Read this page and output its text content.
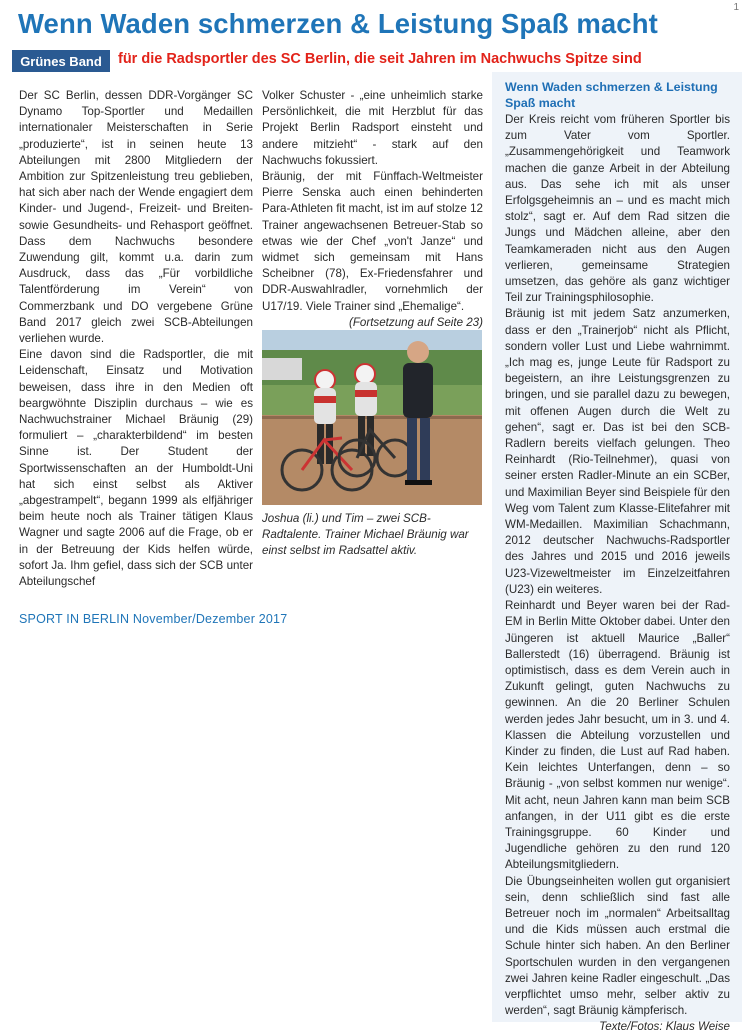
1
Wenn Waden schmerzen & Leistung Spaß macht
Grünes Band	für die Radsportler des SC Berlin, die seit Jahren im Nachwuchs Spitze sind

Der SC Berlin, dessen DDR-Vorgänger SC Dynamo Top-Sportler und Medaillen internationaler Meisterschaften in Serie „produzierte“, ist in seinen heute 13 Abteilungen mit 2800 Mitgliedern der Ambition zur Spitzenleistung treu geblieben, hat sich aber nach der Wende engagiert dem Kinder- und Jugend-, Freizeit- und Breiten- sowie Gesundheits- und Rehasport geöffnet. Dass dem Nachwuchs besondere Zuwendung gilt, kommt u.a. darin zum Ausdruck, dass das „Für vorbildliche Talentförderung im Verein“ von Commerzbank und DO vergebene Grüne Band 2017 gleich zwei SCB-Abteilungen verliehen wurde.

Eine davon sind die Radsportler, die mit Leidenschaft, Einsatz und Motivation beweisen, dass ihre in den Medien oft beargwöhnte Disziplin durchaus – wie es Nachwuchstrainer Michael Bräunig (29) formuliert – „charakterbildend“ im besten Sinne ist. Der Student der Sportwissenschaften an der Humboldt-Uni hat sich einst selbst als Aktiver „abgestrampelt“, begann 1999 als elfjähriger beim heute noch als Trainer tätigen Klaus Wagner und sagte 2006 auf die Frage, ob er in der Betreuung der Kids helfen würde, sofort Ja. Ihm gefiel, dass sich der SCB unter Abteilungschef

Volker Schuster - „eine unheimlich starke Persönlichkeit, die mit Herzblut für das Projekt Berlin Radsport einsteht und andere mitzieht“ - stark auf den Nachwuchs fokussiert.

Bräunig, der mit Fünffach-Weltmeister Pierre Senska auch einen behinderten Para-Athleten fit macht, ist im auf stolze 12 Trainer angewachsenen Betreuer-Stab so etwas wie der Chef „von't Janze“ und widmet sich gemeinsam mit Hans Scheibner (78), Ex-Friedensfahrer und DDR-Auswahlradler, vornehmlich der U17/19. Viele Trainer sind „Ehemalige“.

(Fortsetzung auf Seite 23)

Joshua (li.) und Tim – zwei SCB-Radtalente. Trainer Michael Bräunig war einst selbst im Radsattel aktiv.
SPORT IN BERLIN November/Dezember 2017
Wenn Waden schmerzen & Leistung Spaß macht

Der Kreis reicht vom früheren Sportler bis zum Vater vom Sportler. „Zusammengehörigkeit und Teamwork machen die ganze Arbeit in der Abteilung aus. Das sehe ich mit als unser Erfolgsgeheimnis an – und es macht mich stolz“, sagt er. Auf dem Rad sitzen die Jungs und Mädchen alleine, aber den Teamkameraden nicht aus den Augen verlieren, gemeinsame Strategien umsetzen, das gehöre als ganz wichtiger Teil zur Trainingsphilosophie.

Bräunig ist mit jedem Satz anzumerken, dass er den „Trainerjob“ nicht als Pflicht, sondern voller Lust und Liebe wahrnimmt. „Ich mag es, junge Leute für Radsport zu begeistern, an ihre Leistungsgrenzen zu bringen, und sie parallel dazu zu bewegen, mit offenen Augen durch die Welt zu gehen“, sagt er. Das ist bei den SCB-Radlern bereits vielfach gelungen. Theo Reinhardt (Rio-Teilnehmer), quasi von seiner ersten Radler-Minute an ein SCBer, und Maximilian Beyer sind Beispiele für den Weg vom Talent zum Klasse-Elitefahrer mit WM-Medaillen. Maximilian Schachmann, 2012 deutscher Nachwuchs-Radsportler des Jahres und 2015 und 2016 jeweils U23-Vizeweltmeister im Einzelzeitfahren (U23) ein weiteres.

Reinhardt und Beyer waren bei der Rad-EM in Berlin Mitte Oktober dabei. Unter den Jüngeren ist aktuell Maurice „Baller“ Ballerstedt (16) überragend. Bräunig ist optimistisch, dass es dem Verein auch in Zukunft gelingt, guten Nachwuchs zu gewinnen. An die 20 Berliner Schulen werden jedes Jahr besucht, um in 3. und 4. Klassen die Abteilung vorzustellen und Kinder zu finden, die Lust auf Rad haben. Kein leichtes Unterfangen, denn – so Bräunig - „von selbst kommen nur wenige“. Mit acht, neun Jahren kann man beim SCB anfangen, in der U11 gibt es die erste Trainingsgruppe. 60 Kinder und Jugendliche gehören zu den rund 120 Abteilungsmitgliedern.

Die Übungseinheiten wollen gut organisiert sein, denn schließlich sind fast alle Betreuer noch im „normalen“ Arbeitsalltag und die Kids müssen auch erstmal die Schule hinter sich haben. An den Berliner Sportschulen wurden in den vergangenen zwei Jahren keine Radler eingeschult. „Das verpflichtet umso mehr, selber aktiv zu werden“, sagt Bräunig kämpferisch.

Texte/Fotos: Klaus Weise
